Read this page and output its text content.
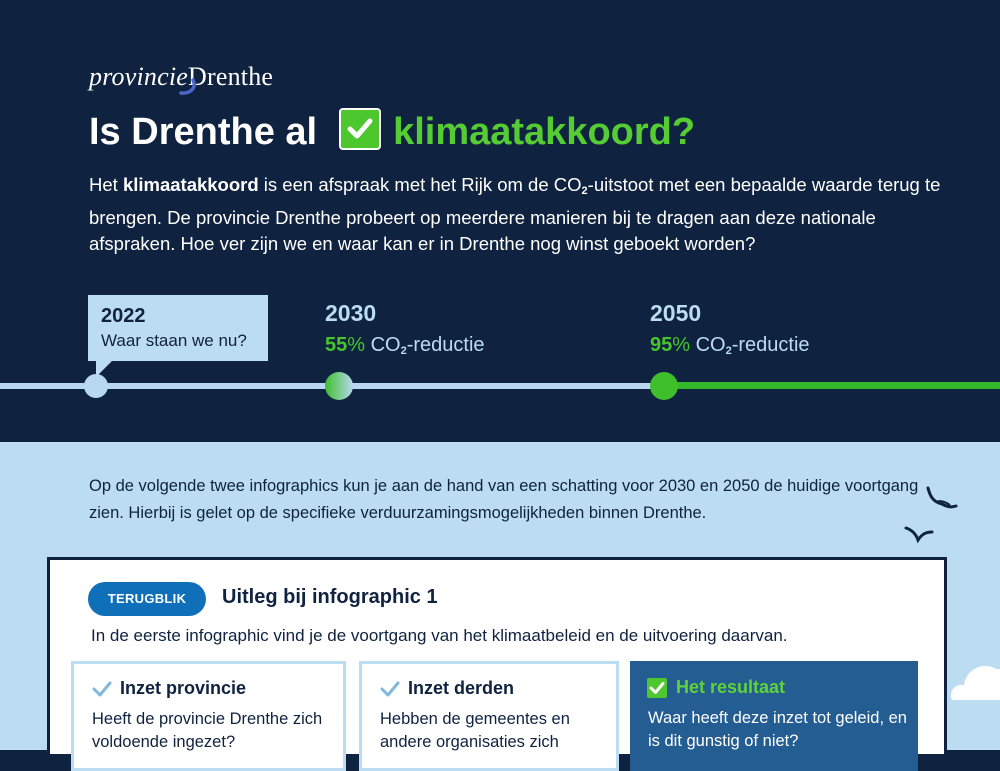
provincieDrenthe
Is Drenthe al klimaatakkoord?
Het klimaatakkoord is een afspraak met het Rijk om de $CO_2$-uitstoot met een bepaalde waarde terug te brengen. De provincie Drenthe probeert op meerdere manieren bij te dragen aan deze nationale afspraken. Hoe ver zijn we en waar kan er in Drenthe nog winst geboekt worden?
2022
Waar staan we nu?
2030
55% CO2-reductie
2050
95% CO2-reductie
Op de volgende twee infographics kun je aan de hand van een schatting voor 2030 en 2050 de huidige voortgang zien. Hierbij is gelet op de specifieke verduurzamingsmogelijkheden binnen Drenthe.
TERUGBLIK	Uitleg bij infographic 1
In de eerste infographic vind je de voortgang van het klimaatbeleid en de uitvoering daarvan.
Inzet provincie
Heeft de provincie Drenthe zich voldoende ingezet?
Inzet derden
Hebben de gemeentes en andere organisaties zich
Het resultaat
Waar heeft deze inzet tot geleid, en is dit gunstig of niet?
